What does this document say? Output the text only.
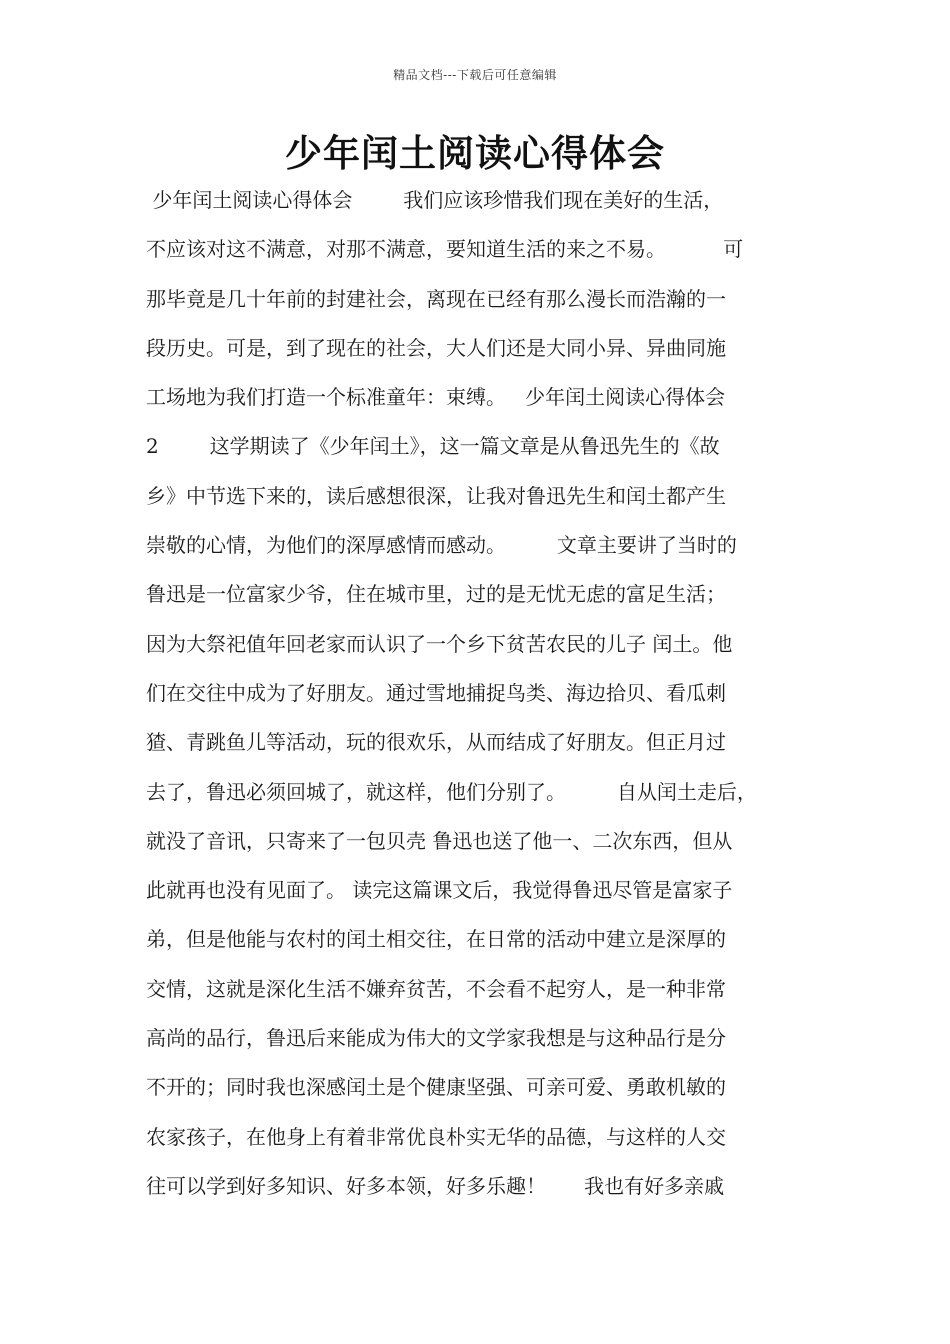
精品文档---下载后可任意编辑
少年闰土阅读心得体会
少年闰土阅读心得体会        我们应该珍惜我们现在美好的生活，
不应该对这不满意，对那不满意，要知道生活的来之不易。         可
那毕竟是几十年前的封建社会，离现在已经有那么漫长而浩瀚的一
段历史。可是，到了现在的社会，大人们还是大同小异、异曲同施
工场地为我们打造一个标准童年：束缚。   少年闰土阅读心得体会
2        这学期读了《少年闰土》，这一篇文章是从鲁迅先生的《故
乡》中节选下来的，读后感想很深，让我对鲁迅先生和闰土都产生
崇敬的心情，为他们的深厚感情而感动。        文章主要讲了当时的
鲁迅是一位富家少爷，住在城市里，过的是无忧无虑的富足生活；
因为大祭祀值年回老家而认识了一个乡下贫苦农民的儿子 闰土。他
们在交往中成为了好朋友。通过雪地捕捉鸟类、海边拾贝、看瓜刺
猹、青跳鱼儿等活动，玩的很欢乐，从而结成了好朋友。但正月过
去了，鲁迅必须回城了，就这样，他们分别了。        自从闰土走后，
就没了音讯，只寄来了一包贝壳 鲁迅也送了他一、二次东西，但从
此就再也没有见面了。 读完这篇课文后，我觉得鲁迅尽管是富家子
弟，但是他能与农村的闰土相交往，在日常的活动中建立是深厚的
交情，这就是深化生活不嫌弃贫苦，不会看不起穷人，是一种非常
高尚的品行，鲁迅后来能成为伟大的文学家我想是与这种品行是分
不开的；同时我也深感闰土是个健康坚强、可亲可爱、勇敢机敏的
农家孩子，在他身上有着非常优良朴实无华的品德，与这样的人交
往可以学到好多知识、好多本领，好多乐趣！      我也有好多亲戚
